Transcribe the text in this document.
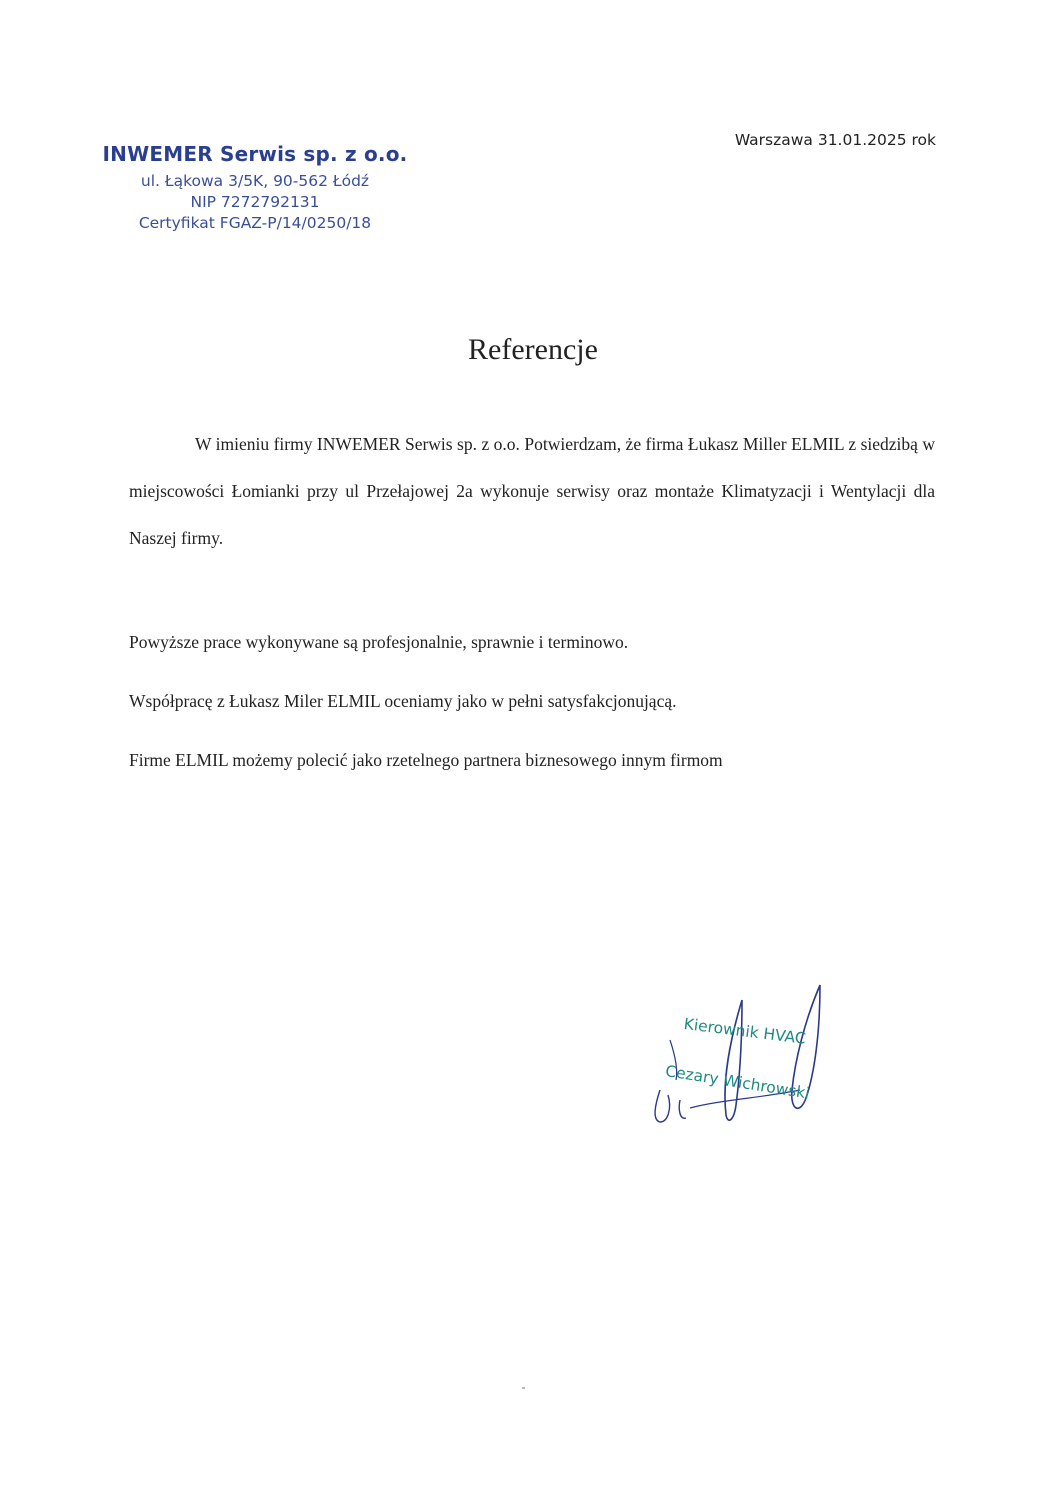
INWEMER Serwis sp. z o.o.
ul. Łąkowa 3/5K, 90-562 Łódź
NIP 7272792131
Certyfikat FGAZ-P/14/0250/18
Warszawa 31.01.2025 rok
Referencje
W imieniu firmy INWEMER Serwis sp. z o.o. Potwierdzam, że firma Łukasz Miller ELMIL z siedzibą w miejscowości Łomianki przy ul Przełajowej 2a wykonuje serwisy oraz montaże Klimatyzacji i Wentylacji dla Naszej firmy.
Powyższe prace wykonywane są profesjonalnie, sprawnie i terminowo.
Współpracę z Łukasz Miler ELMIL oceniamy jako w pełni satysfakcjonującą.
Firme ELMIL możemy polecić jako rzetelnego partnera biznesowego innym firmom
Kierownik HVAC
Cezary Wichrowski
